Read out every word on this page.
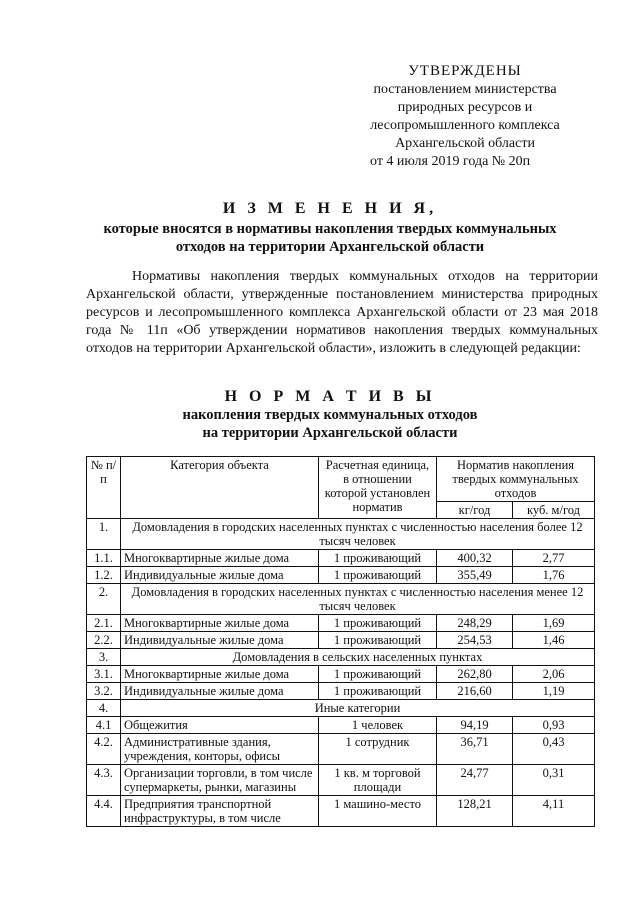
УТВЕРЖДЕНЫ
постановлением министерства
природных ресурсов и
лесопромышленного комплекса
Архангельской области
от 4 июля 2019 года № 20п
И З М Е Н Е Н И Я,
которые вносятся в нормативы накопления твердых коммунальных
отходов на территории Архангельской области
Нормативы накопления твердых коммунальных отходов на территории Архангельской области, утвержденные постановлением министерства природных ресурсов и лесопромышленного комплекса Архангельской области от 23 мая 2018 года № 11п «Об утверждении нормативов накопления твердых коммунальных отходов на территории Архангельской области», изложить в следующей редакции:
Н О Р М А Т И В Ы
накопления твердых коммунальных отходов
на территории Архангельской области
№ п/п	Категория объекта	Расчетная единица, в отношении которой установлен норматив	Норматив накопления твердых коммунальных отходов	
			кг/год	куб. м/год
1.	Домовладения в городских населенных пунктах с численностью населения более 12 тысяч человек			
1.1.	Многоквартирные жилые дома	1 проживающий	400,32	2,77
1.2.	Индивидуальные жилые дома	1 проживающий	355,49	1,76
2.	Домовладения в городских населенных пунктах с численностью населения менее 12 тысяч человек			
2.1.	Многоквартирные жилые дома	1 проживающий	248,29	1,69
2.2.	Индивидуальные жилые дома	1 проживающий	254,53	1,46
3.	Домовладения в сельских населенных пунктах			
3.1.	Многоквартирные жилые дома	1 проживающий	262,80	2,06
3.2.	Индивидуальные жилые дома	1 проживающий	216,60	1,19
4.	Иные категории			
4.1	Общежития	1 человек	94,19	0,93
4.2.	Административные здания, учреждения, конторы, офисы	1 сотрудник	36,71	0,43
4.3.	Организации торговли, в том числе супермаркеты, рынки, магазины	1 кв. м торговой площади	24,77	0,31
4.4.	Предприятия транспортной инфраструктуры, в том числе	1 машино-место	128,21	4,11
